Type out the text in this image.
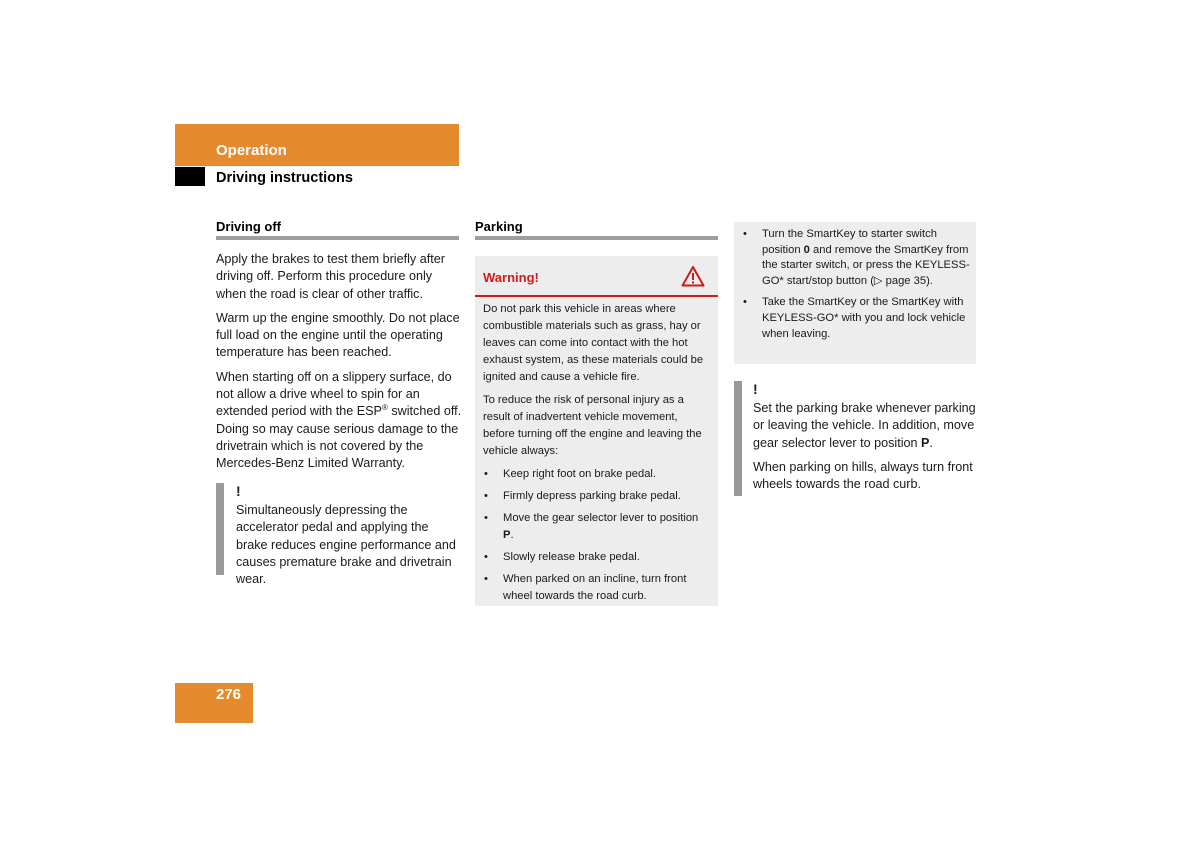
Operation
Driving instructions
Driving off

Apply the brakes to test them briefly after driving off. Perform this procedure only when the road is clear of other traffic.

Warm up the engine smoothly. Do not place full load on the engine until the operating temperature has been reached.

When starting off on a slippery surface, do not allow a drive wheel to spin for an extended period with the ESP® switched off. Doing so may cause serious damage to the drivetrain which is not covered by the Mercedes-Benz Limited Warranty.

!
Simultaneously depressing the accelerator pedal and applying the brake reduces engine performance and causes premature brake and drivetrain wear.
Parking
Warning!

Do not park this vehicle in areas where combustible materials such as grass, hay or leaves can come into contact with the hot exhaust system, as these materials could be ignited and cause a vehicle fire.

To reduce the risk of personal injury as a result of inadvertent vehicle movement, before turning off the engine and leaving the vehicle always:

• Keep right foot on brake pedal.
• Firmly depress parking brake pedal.
• Move the gear selector lever to position P.
• Slowly release brake pedal.
• When parked on an incline, turn front wheel towards the road curb.
• Turn the SmartKey to starter switch position 0 and remove the SmartKey from the starter switch, or press the KEYLESS-GO* start/stop button (▷ page 35).
• Take the SmartKey or the SmartKey with KEYLESS-GO* with you and lock vehicle when leaving.
!
Set the parking brake whenever parking or leaving the vehicle. In addition, move gear selector lever to position P.
When parking on hills, always turn front wheels towards the road curb.
276
